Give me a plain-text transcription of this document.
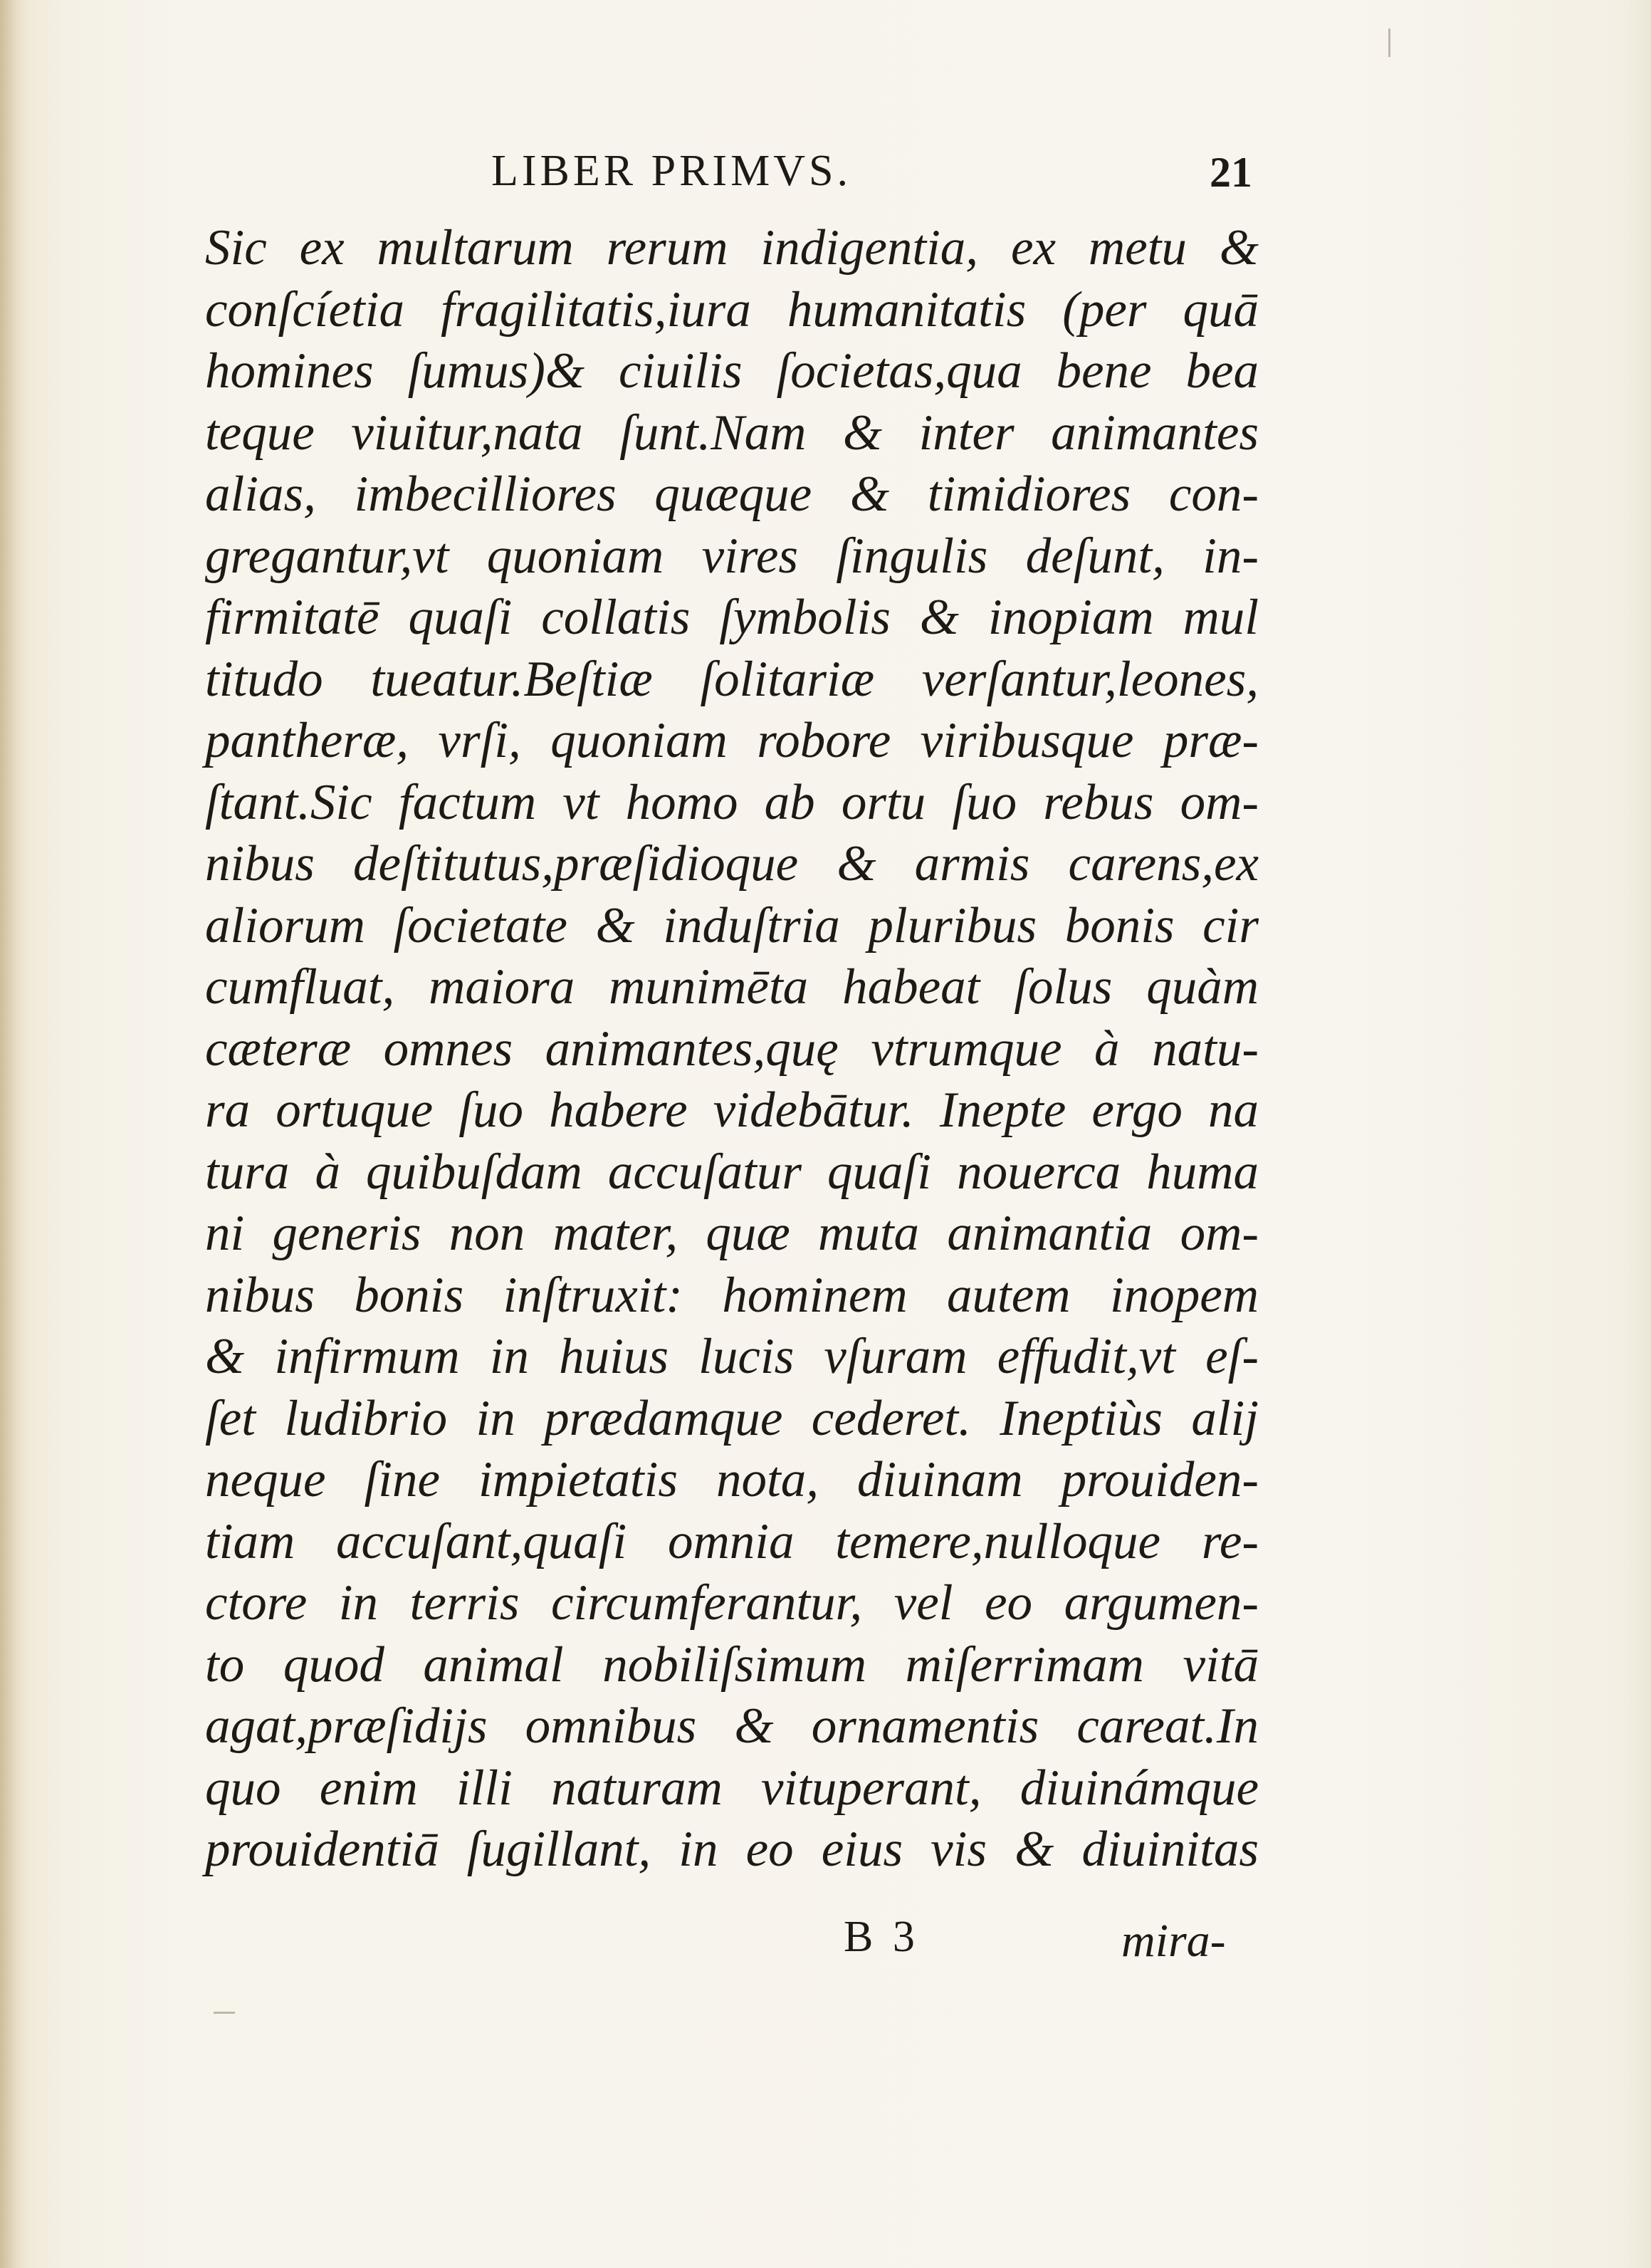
LIBER PRIMVS.	21
Sic ex multarum rerum indigentia, ex metu &
conſcíetia fragilitatis,iura humanitatis (per quā
homines ſumus)& ciuilis ſocietas,qua bene bea
teque viuitur,nata ſunt.Nam & inter animantes
alias, imbecilliores quæque & timidiores con-
gregantur,vt quoniam vires ſingulis deſunt, in-
firmitatē quaſi collatis ſymbolis & inopiam mul
titudo tueatur.Beſtiæ ſolitariæ verſantur,leones,
pantheræ, vrſi, quoniam robore viribusque præ-
ſtant.Sic factum vt homo ab ortu ſuo rebus om-
nibus deſtitutus,præſidioque & armis carens,ex
aliorum ſocietate & induſtria pluribus bonis cir
cumfluat, maiora munimēta habeat ſolus quàm
cæteræ omnes animantes,quę vtrumque à natu-
ra ortuque ſuo habere videbātur. Inepte ergo na
tura à quibuſdam accuſatur quaſi nouerca huma
ni generis non mater, quæ muta animantia om-
nibus bonis inſtruxit: hominem autem inopem
& infirmum in huius lucis vſuram effudit,vt eſ-
ſet ludibrio in prædamque cederet. Ineptiùs alij
neque ſine impietatis nota, diuinam prouiden-
tiam accuſant,quaſi omnia temere,nulloque re-
ctore in terris circumferantur, vel eo argumen-
to quod animal nobiliſsimum miſerrimam vitā
agat,præſidijs omnibus & ornamentis careat.In
quo enim illi naturam vituperant, diuinámque
prouidentiā ſugillant, in eo eius vis & diuinitas
B 3	mira-
